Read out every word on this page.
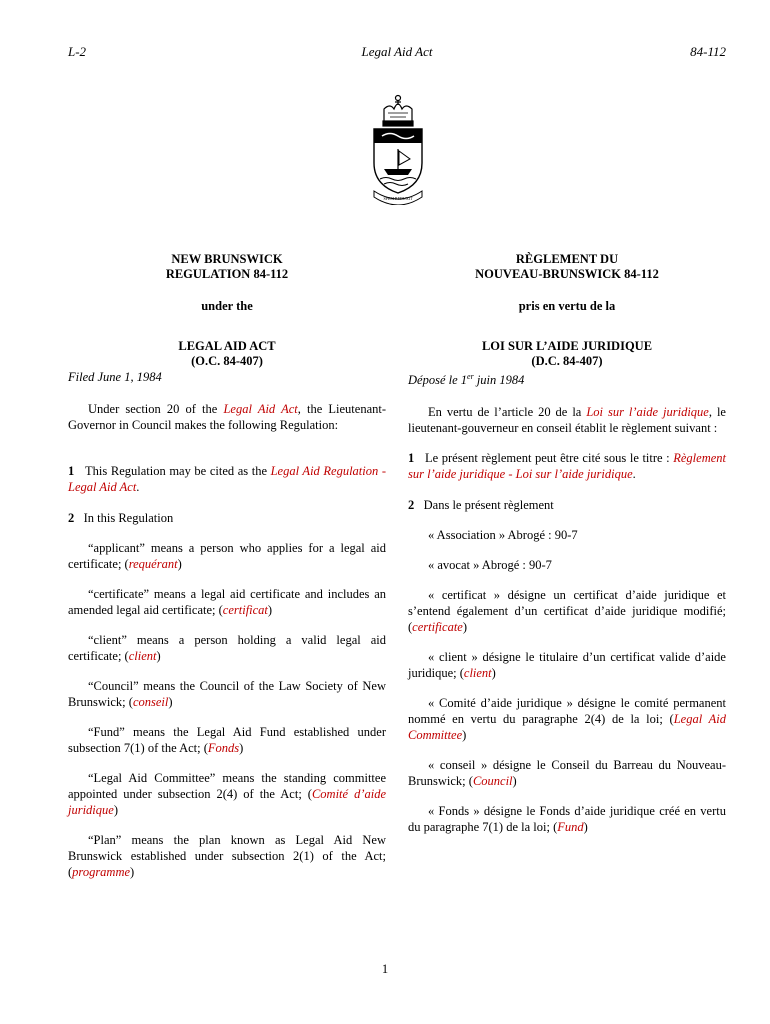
L-2	Legal Aid Act	84-112
SPEM REDUXIT

NEW BRUNSWICK

REGULATION 84-112

under the

LEGAL AID ACT

(O.C. 84-407)

Filed June 1, 1984

Under section 20 of the Legal Aid Act, the Lieutenant-Governor in Council makes the following Regulation:

1 This Regulation may be cited as the Legal Aid Regulation - Legal Aid Act.

2 In this Regulation

“applicant” means a person who applies for a legal aid certificate; (requérant)

“certificate” means a legal aid certificate and includes an amended legal aid certificate; (certificat)

“client” means a person holding a valid legal aid certificate; (client)

“Council” means the Council of the Law Society of New Brunswick; (conseil)

“Fund” means the Legal Aid Fund established under subsection 7(1) of the Act; (Fonds)

“Legal Aid Committee” means the standing committee appointed under subsection 2(4) of the Act; (Comité d’aide juridique)

“Plan” means the plan known as Legal Aid New Brunswick established under subsection 2(1) of the Act; (programme)

RÈGLEMENT DU

NOUVEAU-BRUNSWICK 84-112

pris en vertu de la

LOI SUR L’AIDE JURIDIQUE

(D.C. 84-407)

Déposé le 1er juin 1984

En vertu de l’article 20 de la Loi sur l’aide juridique, le lieutenant-gouverneur en conseil établit le règlement suivant :

1 Le présent règlement peut être cité sous le titre : Règlement sur l’aide juridique - Loi sur l’aide juridique.

2 Dans le présent règlement

« Association » Abrogé : 90-7

« avocat » Abrogé : 90-7

« certificat » désigne un certificat d’aide juridique et s’entend également d’un certificat d’aide juridique modifié; (certificate)

« client » désigne le titulaire d’un certificat valide d’aide juridique; (client)

« Comité d’aide juridique » désigne le comité permanent nommé en vertu du paragraphe 2(4) de la loi; (Legal Aid Committee)

« conseil » désigne le Conseil du Barreau du Nouveau-Brunswick; (Council)

« Fonds » désigne le Fonds d’aide juridique créé en vertu du paragraphe 7(1) de la loi; (Fund)

1
